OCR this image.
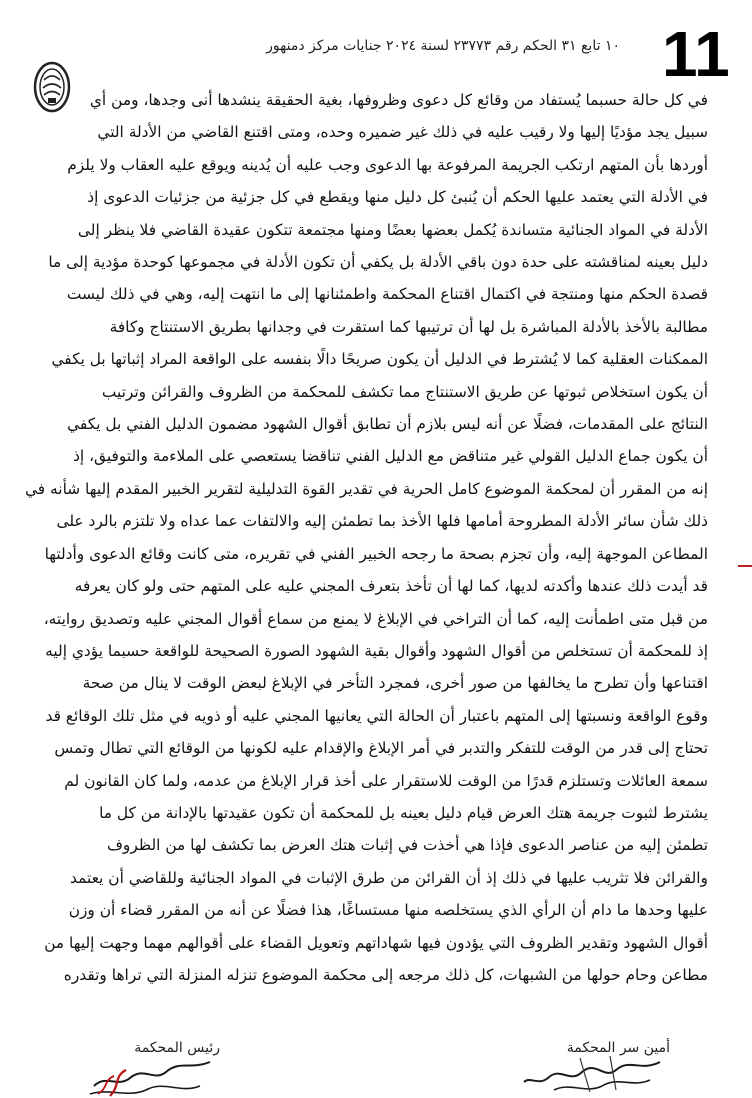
11
١٠ تابع ٣١ الحكم رقم ٢٣٧٧٣ لسنة ٢٠٢٤ جنايات مركز دمنهور
في كل حالة حسبما يُستفاد من وقائع كل دعوى وظروفها، بغية الحقيقة ينشدها أنى وجدها، ومن أي
سبيل يجد مؤديًا إليها ولا رقيب عليه في ذلك غير ضميره وحده، ومتى اقتنع القاضي من الأدلة التي
أوردها بأن المتهم ارتكب الجريمة المرفوعة بها الدعوى وجب عليه أن يُدينه ويوقع عليه العقاب ولا يلزم
في الأدلة التي يعتمد عليها الحكم أن يُنبئ كل دليل منها ويقطع في كل جزئية من جزئيات الدعوى إذ
الأدلة في المواد الجنائية متساندة يُكمل بعضها بعضًا ومنها مجتمعة تتكون عقيدة القاضي فلا ينظر إلى
دليل بعينه لمناقشته على حدة دون باقي الأدلة بل يكفي أن تكون الأدلة في مجموعها كوحدة مؤدية إلى ما
قصدة الحكم منها ومنتجة في اكتمال اقتناع المحكمة واطمئنانها إلى ما انتهت إليه، وهي في ذلك ليست
مطالبة بالأخذ بالأدلة المباشرة بل لها أن ترتيبها كما استقرت في وجدانها بطريق الاستنتاج وكافة
الممكنات العقلية كما لا يُشترط في الدليل أن يكون صريحًا دالًا بنفسه على الواقعة المراد إثباتها بل يكفي
أن يكون استخلاص ثبوتها عن طريق الاستنتاج مما تكشف للمحكمة من الظروف والقرائن وترتيب
النتائج على المقدمات، فضلًا عن أنه ليس بلازم أن تطابق أقوال الشهود مضمون الدليل الفني بل يكفي
أن يكون جماع الدليل القولي غير متناقض مع الدليل الفني تناقضا يستعصي على الملاءمة والتوفيق، إذ
إنه من المقرر أن لمحكمة الموضوع كامل الحرية في تقدير القوة التدليلية لتقرير الخبير المقدم إليها شأنه في
ذلك شأن سائر الأدلة المطروحة أمامها فلها الأخذ بما تطمئن إليه والالتفات عما عداه ولا تلتزم بالرد على
المطاعن الموجهة إليه، وأن تجزم بصحة ما رجحه الخبير الفني في تقريره، متى كانت وقائع الدعوى وأدلتها
قد أيدت ذلك عندها وأكدته لديها، كما لها أن تأخذ بتعرف المجني عليه على المتهم حتى ولو كان يعرفه
من قبل متى اطمأنت إليه، كما أن التراخي في الإبلاغ لا يمنع من سماع أقوال المجني عليه وتصديق روايته،
إذ للمحكمة أن تستخلص من أقوال الشهود وأقوال بقية الشهود الصورة الصحيحة للواقعة حسبما يؤدي إليه
اقتناعها وأن تطرح ما يخالفها من صور أخرى، فمجرد التأخر في الإبلاغ لبعض الوقت لا ينال من صحة
وقوع الواقعة ونسبتها إلى المتهم باعتبار أن الحالة التي يعانيها المجني عليه أو ذويه في مثل تلك الوقائع قد
تحتاج إلى قدر من الوقت للتفكر والتدبر في أمر الإبلاغ والإقدام عليه لكونها من الوقائع التي تطال وتمس
سمعة العائلات وتستلزم قدرًا من الوقت للاستقرار على أخذ قرار الإبلاغ من عدمه، ولما كان القانون لم
يشترط لثبوت جريمة هتك العرض قيام دليل بعينه بل للمحكمة أن تكون عقيدتها بالإدانة من كل ما
تطمئن إليه من عناصر الدعوى فإذا هي أخذت في إثبات هتك العرض بما تكشف لها من الظروف
والقرائن فلا تثريب عليها في ذلك إذ أن القرائن من طرق الإثبات في المواد الجنائية وللقاضي أن يعتمد
عليها وحدها ما دام أن الرأي الذي يستخلصه منها مستساغًا، هذا فضلًا عن أنه من المقرر قضاء أن وزن
أقوال الشهود وتقدير الظروف التي يؤدون فيها شهاداتهم وتعويل القضاء على أقوالهم مهما وجهت إليها من
مطاعن وحام حولها من الشبهات، كل ذلك مرجعه إلى محكمة الموضوع تنزله المنزلة التي تراها وتقدره
أمين سر المحكمة
رئيس المحكمة
